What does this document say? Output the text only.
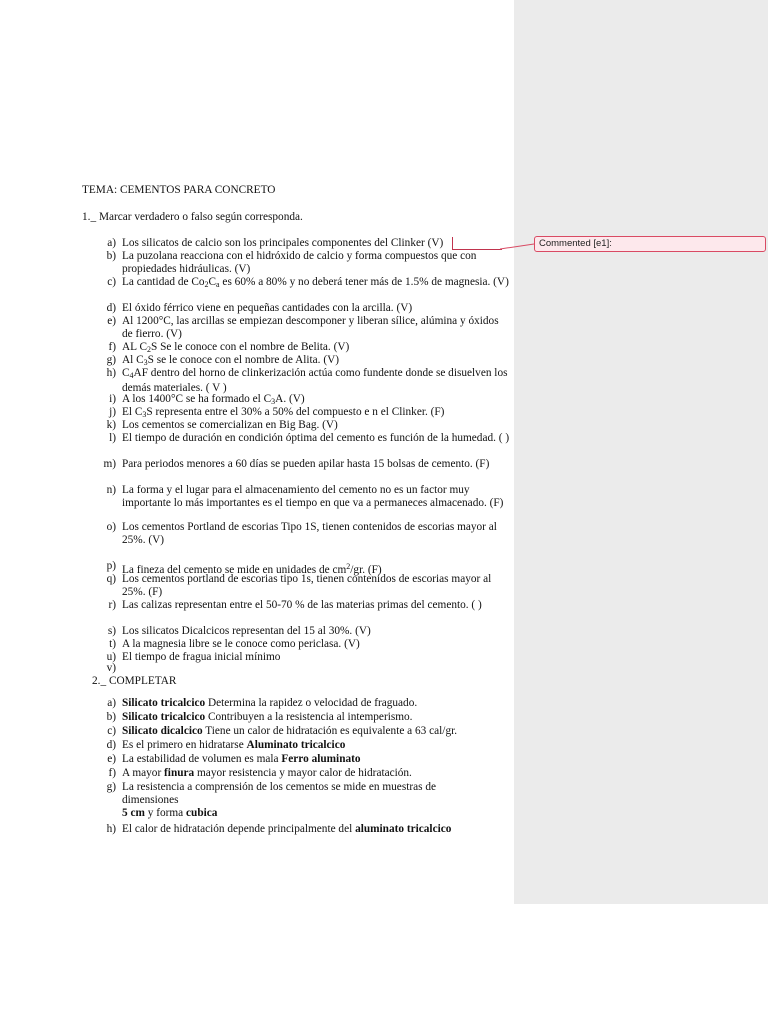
TEMA: CEMENTOS PARA CONCRETO
1._ Marcar verdadero o falso según corresponda.
a) Los silicatos de calcio son los principales componentes del Clinker (V)
b) La puzolana reacciona con el hidróxido de calcio y forma compuestos que con propiedades hidráulicas. (V)
c) La cantidad de $Co_2C_a$ es 60% a 80% y no deberá tener más de 1.5% de magnesia. (V)
d) El óxido férrico viene en pequeñas cantidades con la arcilla. (V)
e) Al 1200°C, las arcillas se empiezan descomponer y liberan sílice, alúmina y óxidos de fierro. (V)
f) AL $C_2S$ Se le conoce con el nombre de Belita. (V)
g) Al $C_3S$ se le conoce con el nombre de Alita. (V)
h) $C_4AF$ dentro del horno de clinkerización actúa como fundente donde se disuelven los demás materiales. ( V )
i) A los 1400°C se ha formado el $C_3A$. (V)
j) El $C_3S$ representa entre el 30% a 50% del compuesto e n el Clinker. (F)
k) Los cementos se comercializan en Big Bag. (V)
l) El tiempo de duración en condición óptima del cemento es función de la humedad. ( )
m) Para periodos menores a 60 días se pueden apilar hasta 15 bolsas de cemento. (F)
n) La forma y el lugar para el almacenamiento del cemento no es un factor muy importante lo más importantes es el tiempo en que va a permaneces almacenado. (F)
o) Los cementos Portland de escorias Tipo 1S, tienen contenidos de escorias mayor al 25%. (V)
p) La fineza del cemento se mide en unidades de $cm^2/gr$. (F)
q) Los cementos portland de escorias tipo 1s, tienen contenidos de escorias mayor al 25%. (F)
r) Las calizas representan entre el 50-70 % de las materias primas del cemento. ( )
s) Los silicatos Dicalcicos representan del 15 al 30%. (V)
t) A la magnesia libre se le conoce como periclasa. (V)
u) El tiempo de fragua inicial mínimo
v)
2._ COMPLETAR
a) Silicato tricalcico Determina la rapidez o velocidad de fraguado.
b) Silicato tricalcico Contribuyen a la resistencia al intemperismo.
c) Silicato dicalcico Tiene un calor de hidratación es equivalente a 63 cal/gr.
d) Es el primero en hidratarse Aluminato tricalcico
e) La estabilidad de volumen es mala Ferro aluminato
f) A mayor finura mayor resistencia y mayor calor de hidratación.
g) La resistencia a comprensión de los cementos se mide en muestras de dimensiones
5 cm y forma cubica
h) El calor de hidratación depende principalmente del aluminato tricalcico
Commented [e1]:
